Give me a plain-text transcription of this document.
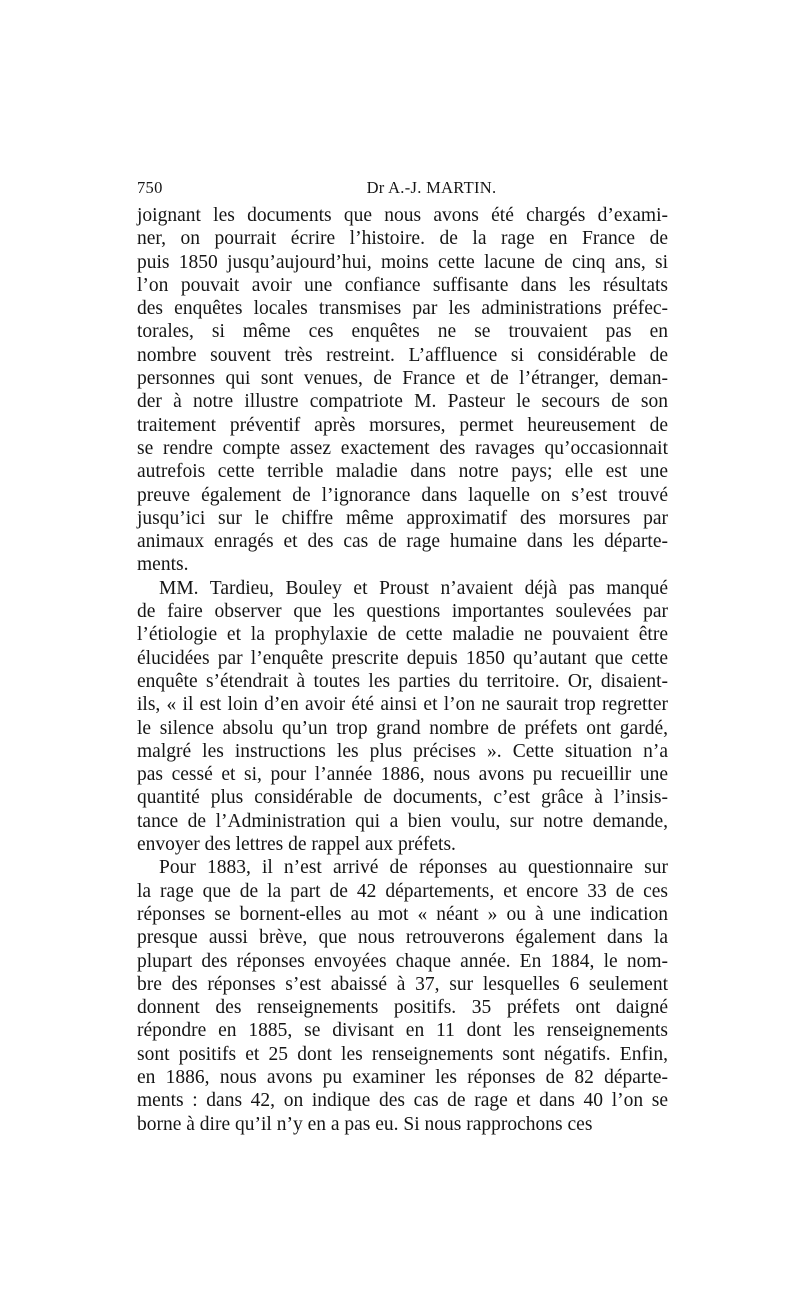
750	Dr A.-J. MARTIN.

joignant les documents que nous avons été chargés d’exami-
ner, on pourrait écrire l’histoire. de la rage en France de
puis 1850 jusqu’aujourd’hui, moins cette lacune de cinq ans, si
l’on pouvait avoir une confiance suffisante dans les résultats
des enquêtes locales transmises par les administrations préfec-
torales, si même ces enquêtes ne se trouvaient pas en
nombre souvent très restreint. L’affluence si considérable de
personnes qui sont venues, de France et de l’étranger, deman-
der à notre illustre compatriote M. Pasteur le secours de son
traitement préventif après morsures, permet heureusement de
se rendre compte assez exactement des ravages qu’occasionnait
autrefois cette terrible maladie dans notre pays; elle est une
preuve également de l’ignorance dans laquelle on s’est trouvé
jusqu’ici sur le chiffre même approximatif des morsures par
animaux enragés et des cas de rage humaine dans les départe-
ments.

MM. Tardieu, Bouley et Proust n’avaient déjà pas manqué
de faire observer que les questions importantes soulevées par
l’étiologie et la prophylaxie de cette maladie ne pouvaient être
élucidées par l’enquête prescrite depuis 1850 qu’autant que cette
enquête s’étendrait à toutes les parties du territoire. Or, disaient-
ils, « il est loin d’en avoir été ainsi et l’on ne saurait trop regretter
le silence absolu qu’un trop grand nombre de préfets ont gardé,
malgré les instructions les plus précises ». Cette situation n’a
pas cessé et si, pour l’année 1886, nous avons pu recueillir une
quantité plus considérable de documents, c’est grâce à l’insis-
tance de l’Administration qui a bien voulu, sur notre demande,
envoyer des lettres de rappel aux préfets.

Pour 1883, il n’est arrivé de réponses au questionnaire sur
la rage que de la part de 42 départements, et encore 33 de ces
réponses se bornent-elles au mot « néant » ou à une indication
presque aussi brève, que nous retrouverons également dans la
plupart des réponses envoyées chaque année. En 1884, le nom-
bre des réponses s’est abaissé à 37, sur lesquelles 6 seulement
donnent des renseignements positifs. 35 préfets ont daigné
répondre en 1885, se divisant en 11 dont les renseignements
sont positifs et 25 dont les renseignements sont négatifs. Enfin,
en 1886, nous avons pu examiner les réponses de 82 départe-
ments : dans 42, on indique des cas de rage et dans 40 l’on se
borne à dire qu’il n’y en a pas eu. Si nous rapprochons ces
